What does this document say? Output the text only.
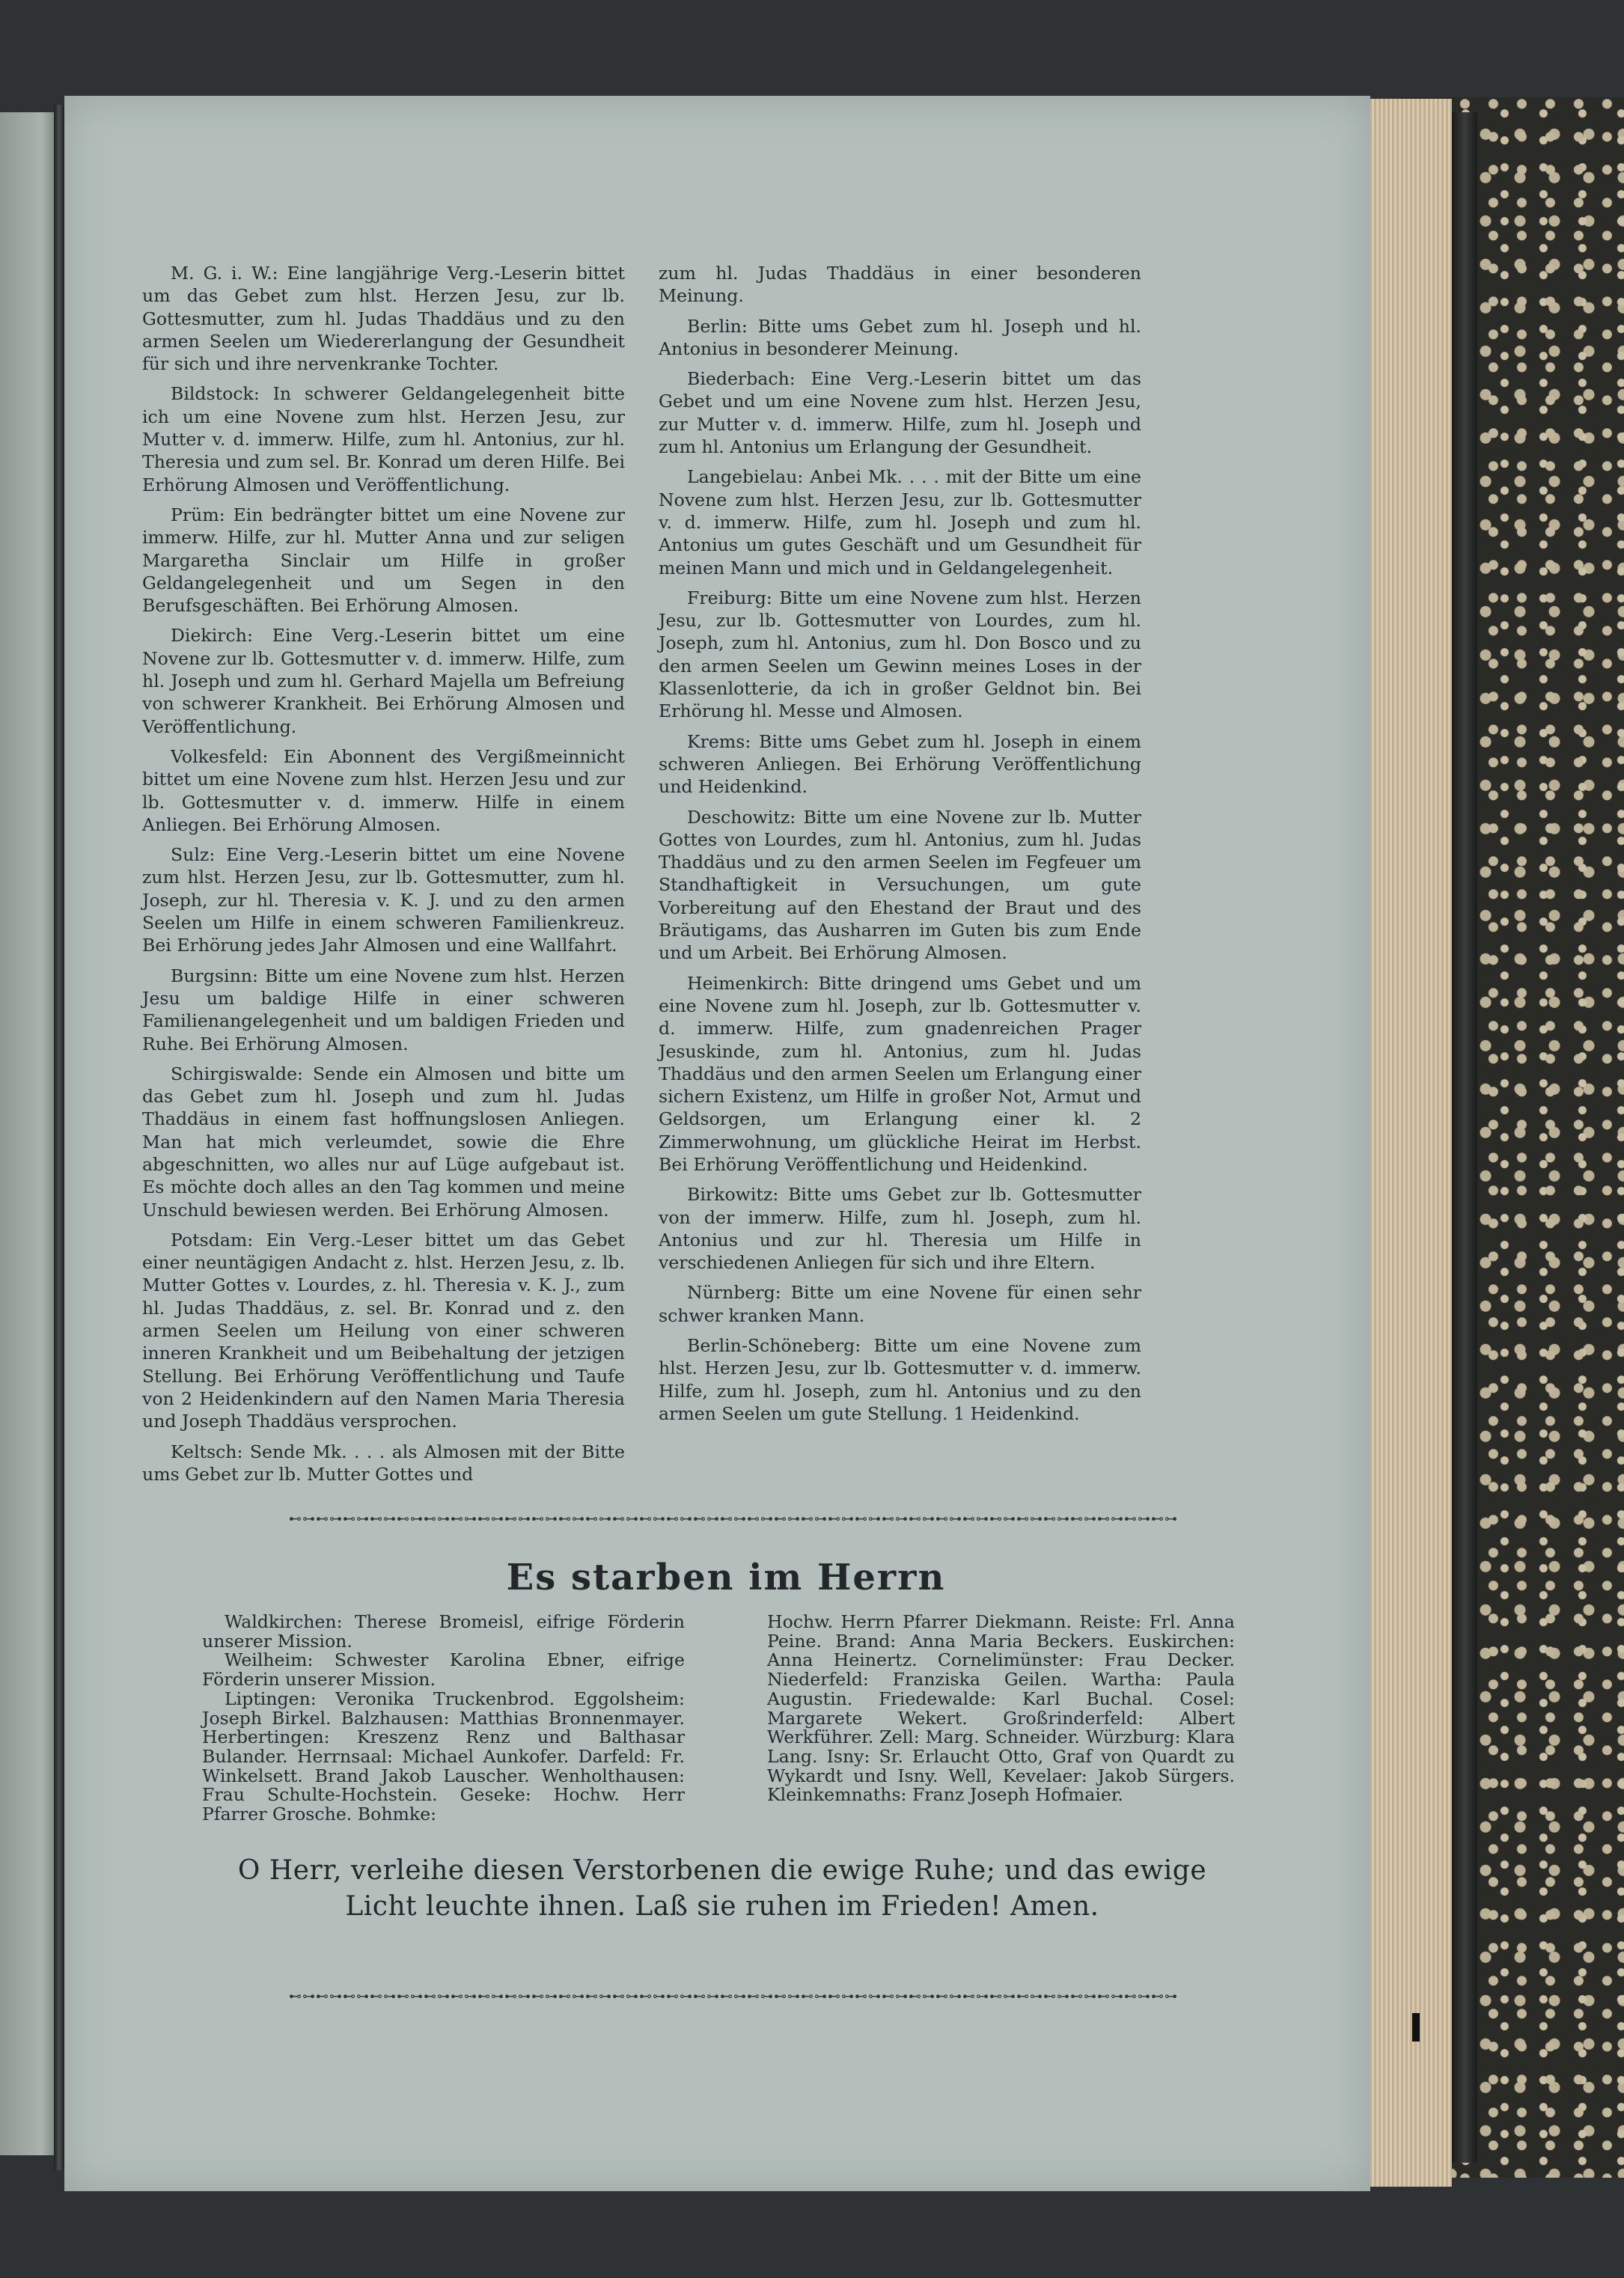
M. G. i. W.: Eine langjährige Verg.-Leserin bittet um das Gebet zum hlst. Herzen Jesu, zur lb. Gottesmutter, zum hl. Judas Thaddäus und zu den armen Seelen um Wiedererlangung der Gesundheit für sich und ihre nervenkranke Tochter.

Bildstock: In schwerer Geldangelegenheit bitte ich um eine Novene zum hlst. Herzen Jesu, zur Mutter v. d. immerw. Hilfe, zum hl. Antonius, zur hl. Theresia und zum sel. Br. Konrad um deren Hilfe. Bei Erhörung Almosen und Veröffentlichung.

Prüm: Ein bedrängter bittet um eine Novene zur immerw. Hilfe, zur hl. Mutter Anna und zur seligen Margaretha Sinclair um Hilfe in großer Geldangelegenheit und um Segen in den Berufsgeschäften. Bei Erhörung Almosen.

Diekirch: Eine Verg.-Leserin bittet um eine Novene zur lb. Gottesmutter v. d. immerw. Hilfe, zum hl. Joseph und zum hl. Gerhard Majella um Befreiung von schwerer Krankheit. Bei Erhörung Almosen und Veröffentlichung.

Volkesfeld: Ein Abonnent des Vergißmeinnicht bittet um eine Novene zum hlst. Herzen Jesu und zur lb. Gottesmutter v. d. immerw. Hilfe in einem Anliegen. Bei Erhörung Almosen.

Sulz: Eine Verg.-Leserin bittet um eine Novene zum hlst. Herzen Jesu, zur lb. Gottesmutter, zum hl. Joseph, zur hl. Theresia v. K. J. und zu den armen Seelen um Hilfe in einem schweren Familienkreuz. Bei Erhörung jedes Jahr Almosen und eine Wallfahrt.

Burgsinn: Bitte um eine Novene zum hlst. Herzen Jesu um baldige Hilfe in einer schweren Familienangelegenheit und um baldigen Frieden und Ruhe. Bei Erhörung Almosen.

Schirgiswalde: Sende ein Almosen und bitte um das Gebet zum hl. Joseph und zum hl. Judas Thaddäus in einem fast hoffnungslosen Anliegen. Man hat mich verleumdet, sowie die Ehre abgeschnitten, wo alles nur auf Lüge aufgebaut ist. Es möchte doch alles an den Tag kommen und meine Unschuld bewiesen werden. Bei Erhörung Almosen.

Potsdam: Ein Verg.-Leser bittet um das Gebet einer neuntägigen Andacht z. hlst. Herzen Jesu, z. lb. Mutter Gottes v. Lourdes, z. hl. Theresia v. K. J., zum hl. Judas Thaddäus, z. sel. Br. Konrad und z. den armen Seelen um Heilung von einer schweren inneren Krankheit und um Beibehaltung der jetzigen Stellung. Bei Erhörung Veröffentlichung und Taufe von 2 Heidenkindern auf den Namen Maria Theresia und Joseph Thaddäus versprochen.

Keltsch: Sende Mk. . . . als Almosen mit der Bitte ums Gebet zur lb. Mutter Gottes und

zum hl. Judas Thaddäus in einer besonderen Meinung.

Berlin: Bitte ums Gebet zum hl. Joseph und hl. Antonius in besonderer Meinung.

Biederbach: Eine Verg.-Leserin bittet um das Gebet und um eine Novene zum hlst. Herzen Jesu, zur Mutter v. d. immerw. Hilfe, zum hl. Joseph und zum hl. Antonius um Erlangung der Gesundheit.

Langebielau: Anbei Mk. . . . mit der Bitte um eine Novene zum hlst. Herzen Jesu, zur lb. Gottesmutter v. d. immerw. Hilfe, zum hl. Joseph und zum hl. Antonius um gutes Geschäft und um Gesundheit für meinen Mann und mich und in Geldangelegenheit.

Freiburg: Bitte um eine Novene zum hlst. Herzen Jesu, zur lb. Gottesmutter von Lourdes, zum hl. Joseph, zum hl. Antonius, zum hl. Don Bosco und zu den armen Seelen um Gewinn meines Loses in der Klassenlotterie, da ich in großer Geldnot bin. Bei Erhörung hl. Messe und Almosen.

Krems: Bitte ums Gebet zum hl. Joseph in einem schweren Anliegen. Bei Erhörung Veröffentlichung und Heidenkind.

Deschowitz: Bitte um eine Novene zur lb. Mutter Gottes von Lourdes, zum hl. Antonius, zum hl. Judas Thaddäus und zu den armen Seelen im Fegfeuer um Standhaftigkeit in Versuchungen, um gute Vorbereitung auf den Ehestand der Braut und des Bräutigams, das Ausharren im Guten bis zum Ende und um Arbeit. Bei Erhörung Almosen.

Heimenkirch: Bitte dringend ums Gebet und um eine Novene zum hl. Joseph, zur lb. Gottesmutter v. d. immerw. Hilfe, zum gnadenreichen Prager Jesuskinde, zum hl. Antonius, zum hl. Judas Thaddäus und den armen Seelen um Erlangung einer sichern Existenz, um Hilfe in großer Not, Armut und Geldsorgen, um Erlangung einer kl. 2 Zimmerwohnung, um glückliche Heirat im Herbst. Bei Erhörung Veröffentlichung und Heidenkind.

Birkowitz: Bitte ums Gebet zur lb. Gottesmutter von der immerw. Hilfe, zum hl. Joseph, zum hl. Antonius und zur hl. Theresia um Hilfe in verschiedenen Anliegen für sich und ihre Eltern.

Nürnberg: Bitte um eine Novene für einen sehr schwer kranken Mann.

Berlin-Schöneberg: Bitte um eine Novene zum hlst. Herzen Jesu, zur lb. Gottesmutter v. d. immerw. Hilfe, zum hl. Joseph, zum hl. Antonius und zu den armen Seelen um gute Stellung. 1 Heidenkind.

⊷⊶⊷⊶⊷⊶⊷⊶⊷⊶⊷⊶⊷⊶⊷⊶⊷⊶⊷⊶⊷⊶⊷⊶⊷⊶⊷⊶⊷⊶⊷⊶⊷⊶⊷⊶⊷⊶⊷⊶⊷⊶⊷⊶⊷⊶⊷⊶⊷⊶⊷⊶⊷⊶⊷⊶⊷⊶⊷⊶⊷⊶⊷⊶⊷⊶
Es starben im Herrn

Waldkirchen: Therese Bromeisl, eifrige Förderin unserer Mission.

Weilheim: Schwester Karolina Ebner, eifrige Förderin unserer Mission.

Liptingen: Veronika Truckenbrod. Eggolsheim: Joseph Birkel. Balzhausen: Matthias Bronnenmayer. Herbertingen: Kreszenz Renz und Balthasar Bulander. Herrnsaal: Michael Aunkofer. Darfeld: Fr. Winkelsett. Brand Jakob Lauscher. Wenholthausen: Frau Schulte-Hochstein. Geseke: Hochw. Herr Pfarrer Grosche. Bohmke:

Hochw. Herrn Pfarrer Diekmann. Reiste: Frl. Anna Peine. Brand: Anna Maria Beckers. Euskirchen: Anna Heinertz. Cornelimünster: Frau Decker. Niederfeld: Franziska Geilen. Wartha: Paula Augustin. Friedewalde: Karl Buchal. Cosel: Margarete Wekert. Großrinderfeld: Albert Werkführer. Zell: Marg. Schneider. Würzburg: Klara Lang. Isny: Sr. Erlaucht Otto, Graf von Quardt zu Wykardt und Isny. Well, Kevelaer: Jakob Sürgers. Kleinkemnaths: Franz Joseph Hofmaier.

O Herr, verleihe diesen Verstorbenen die ewige Ruhe; und das ewige Licht leuchte ihnen. Laß sie ruhen im Frieden! Amen.
⊷⊶⊷⊶⊷⊶⊷⊶⊷⊶⊷⊶⊷⊶⊷⊶⊷⊶⊷⊶⊷⊶⊷⊶⊷⊶⊷⊶⊷⊶⊷⊶⊷⊶⊷⊶⊷⊶⊷⊶⊷⊶⊷⊶⊷⊶⊷⊶⊷⊶⊷⊶⊷⊶⊷⊶⊷⊶⊷⊶⊷⊶⊷⊶⊷⊶
